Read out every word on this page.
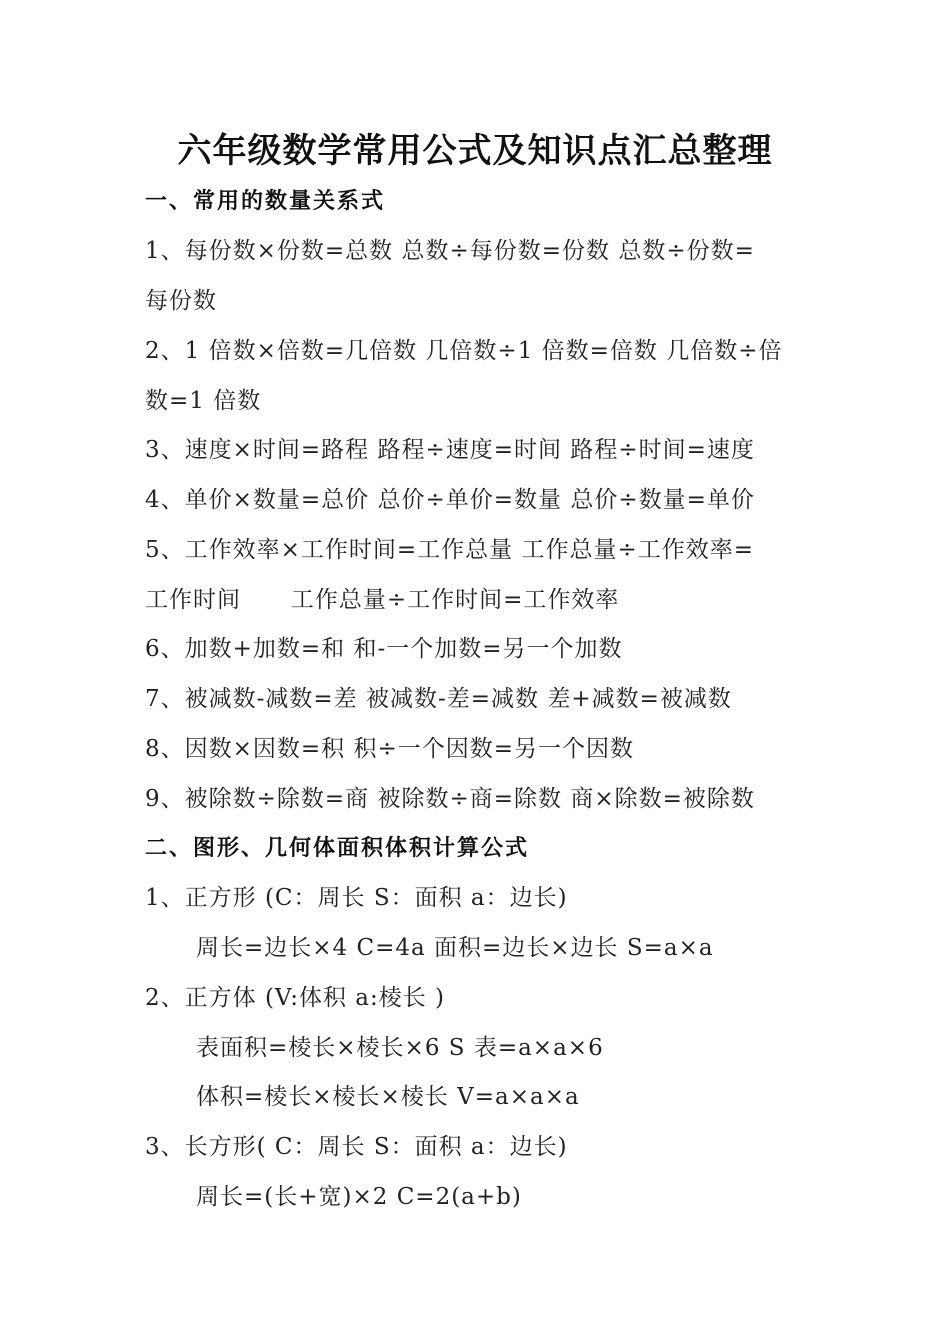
六年级数学常用公式及知识点汇总整理
一、常用的数量关系式
1、每份数×份数=总数 总数÷每份数=份数 总数÷份数=
每份数
2、1 倍数×倍数=几倍数 几倍数÷1 倍数=倍数 几倍数÷倍
数=1 倍数
3、速度×时间=路程 路程÷速度=时间 路程÷时间=速度
4、单价×数量=总价 总价÷单价=数量 总价÷数量=单价
5、工作效率×工作时间=工作总量 工作总量÷工作效率=
工作时间      工作总量÷工作时间=工作效率
6、加数+加数=和 和-一个加数=另一个加数
7、被减数-减数=差 被减数-差=减数 差+减数=被减数
8、因数×因数=积 积÷一个因数=另一个因数
9、被除数÷除数=商 被除数÷商=除数 商×除数=被除数
二、图形、几何体面积体积计算公式
1、正方形 (C：周长 S：面积 a：边长)
周长=边长×4 C=4a 面积=边长×边长 S=a×a
2、正方体 (V:体积 a:棱长 )
表面积=棱长×棱长×6 S 表=a×a×6
体积=棱长×棱长×棱长 V=a×a×a
3、长方形( C：周长 S：面积 a：边长)
周长=(长+宽)×2 C=2(a+b)
